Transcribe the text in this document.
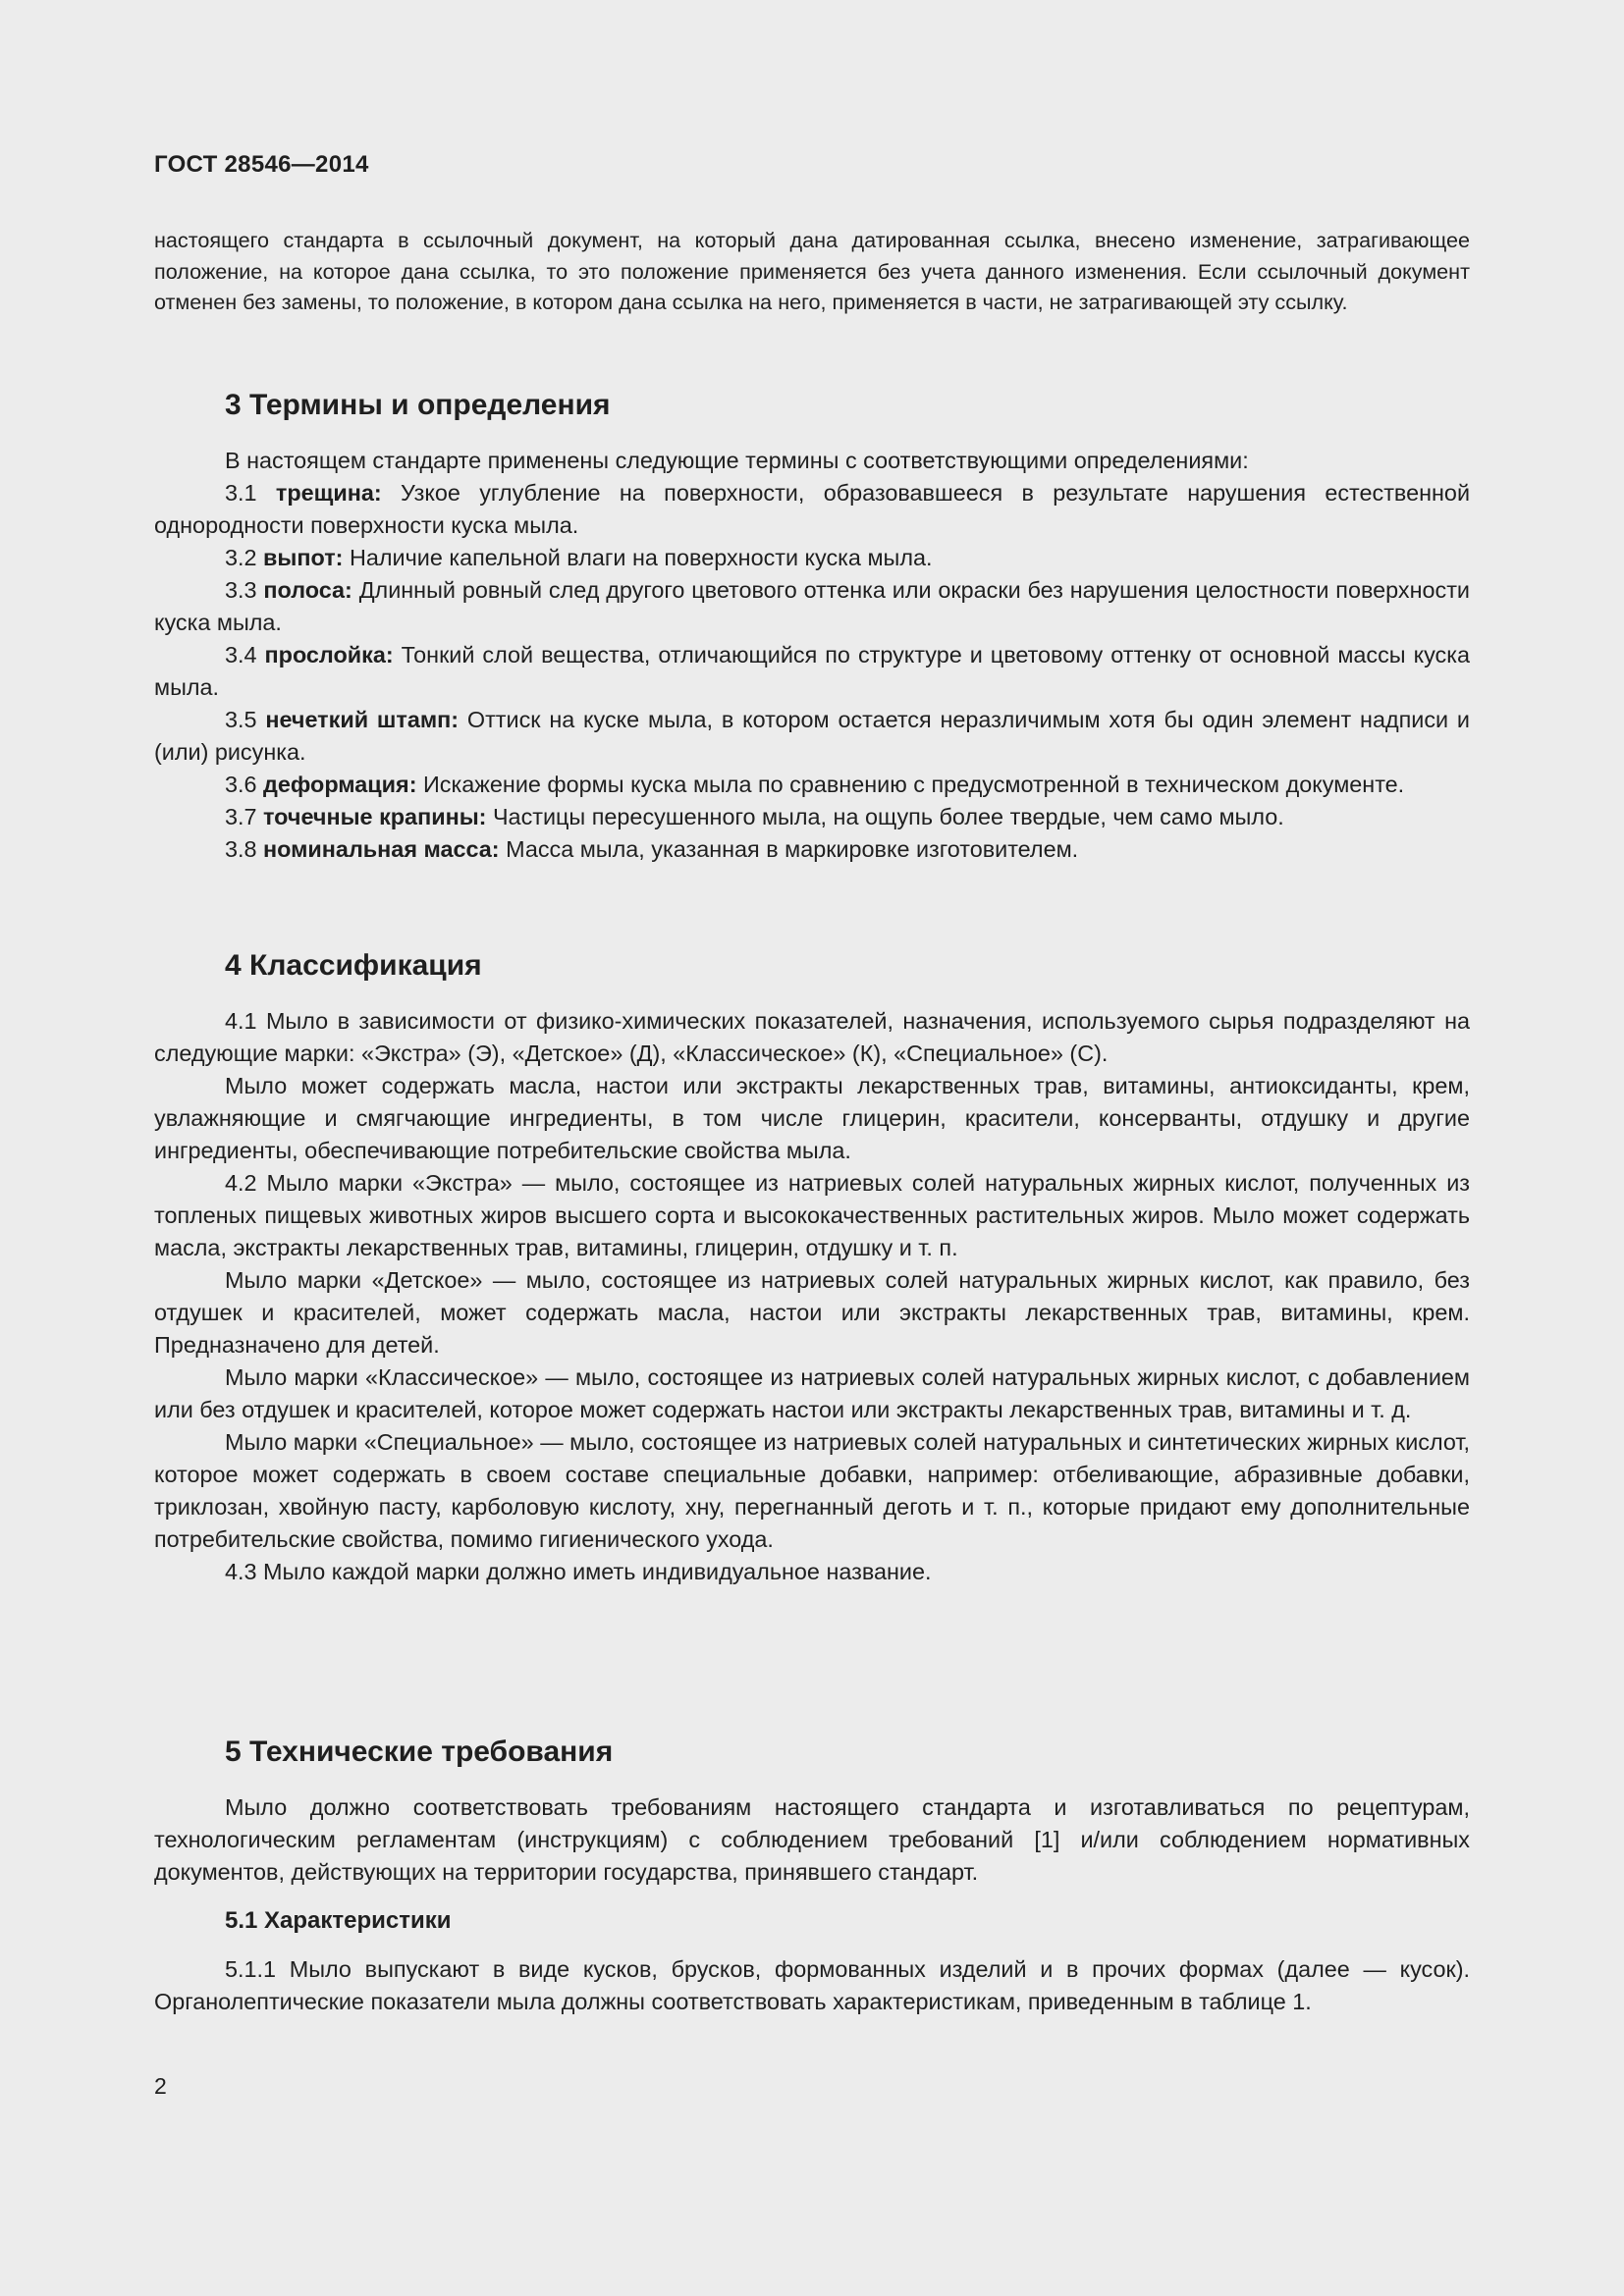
ГОСТ 28546—2014

настоящего стандарта в ссылочный документ, на который дана датированная ссылка, внесено изменение, затрагивающее положение, на которое дана ссылка, то это положение применяется без учета данного изменения. Если ссылочный документ отменен без замены, то положение, в котором дана ссылка на него, применяется в части, не затрагивающей эту ссылку.

3 Термины и определения

В настоящем стандарте применены следующие термины с соответствующими определениями:

3.1 трещина: Узкое углубление на поверхности, образовавшееся в результате нарушения естественной однородности поверхности куска мыла.

3.2 выпот: Наличие капельной влаги на поверхности куска мыла.

3.3 полоса: Длинный ровный след другого цветового оттенка или окраски без нарушения целостности поверхности куска мыла.

3.4 прослойка: Тонкий слой вещества, отличающийся по структуре и цветовому оттенку от основной массы куска мыла.

3.5 нечеткий штамп: Оттиск на куске мыла, в котором остается неразличимым хотя бы один элемент надписи и (или) рисунка.

3.6 деформация: Искажение формы куска мыла по сравнению с предусмотренной в техническом документе.

3.7 точечные крапины: Частицы пересушенного мыла, на ощупь более твердые, чем само мыло.

3.8 номинальная масса: Масса мыла, указанная в маркировке изготовителем.

4 Классификация

4.1 Мыло в зависимости от физико-химических показателей, назначения, используемого сырья подразделяют на следующие марки: «Экстра» (Э), «Детское» (Д), «Классическое» (К), «Специальное» (С).

Мыло может содержать масла, настои или экстракты лекарственных трав, витамины, антиоксиданты, крем, увлажняющие и смягчающие ингредиенты, в том числе глицерин, красители, консерванты, отдушку и другие ингредиенты, обеспечивающие потребительские свойства мыла.

4.2 Мыло марки «Экстра» — мыло, состоящее из натриевых солей натуральных жирных кислот, полученных из топленых пищевых животных жиров высшего сорта и высококачественных растительных жиров. Мыло может содержать масла, экстракты лекарственных трав, витамины, глицерин, отдушку и т. п.

Мыло марки «Детское» — мыло, состоящее из натриевых солей натуральных жирных кислот, как правило, без отдушек и красителей, может содержать масла, настои или экстракты лекарственных трав, витамины, крем. Предназначено для детей.

Мыло марки «Классическое» — мыло, состоящее из натриевых солей натуральных жирных кислот, с добавлением или без отдушек и красителей, которое может содержать настои или экстракты лекарственных трав, витамины и т. д.

Мыло марки «Специальное» — мыло, состоящее из натриевых солей натуральных и синтетических жирных кислот, которое может содержать в своем составе специальные добавки, например: отбеливающие, абразивные добавки, триклозан, хвойную пасту, карболовую кислоту, хну, перегнанный деготь и т. п., которые придают ему дополнительные потребительские свойства, помимо гигиенического ухода.

4.3 Мыло каждой марки должно иметь индивидуальное название.

5 Технические требования

Мыло должно соответствовать требованиям настоящего стандарта и изготавливаться по рецептурам, технологическим регламентам (инструкциям) с соблюдением требований [1] и/или соблюдением нормативных документов, действующих на территории государства, принявшего стандарт.

5.1 Характеристики

5.1.1 Мыло выпускают в виде кусков, брусков, формованных изделий и в прочих формах (далее — кусок). Органолептические показатели мыла должны соответствовать характеристикам, приведенным в таблице 1.

2
